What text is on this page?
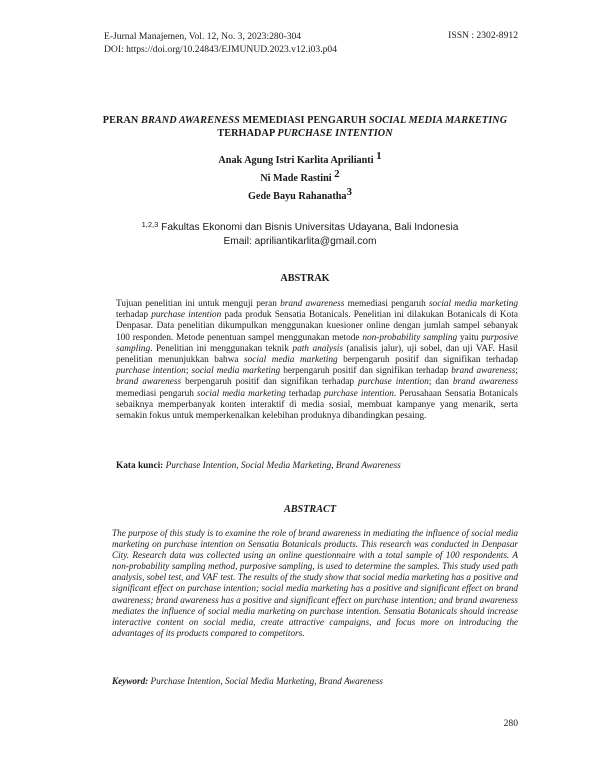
E-Jurnal Manajemen, Vol. 12, No. 3, 2023:280-304
DOI: https://doi.org/10.24843/EJMUNUD.2023.v12.i03.p04
ISSN : 2302-8912
PERAN BRAND AWARENESS MEMEDIASI PENGARUH SOCIAL MEDIA MARKETING TERHADAP PURCHASE INTENTION
Anak Agung Istri Karlita Aprilianti $^1$
Ni Made Rastini $^2$
Gede Bayu Rahanatha$^3$
$^{1,2,3}$ Fakultas Ekonomi dan Bisnis Universitas Udayana, Bali Indonesia
Email: apriliantikarlita@gmail.com
ABSTRAK
Tujuan penelitian ini untuk menguji peran brand awareness memediasi pengaruh social media marketing terhadap purchase intention pada produk Sensatia Botanicals. Penelitian ini dilakukan Botanicals di Kota Denpasar. Data penelitian dikumpulkan menggunakan kuesioner online dengan jumlah sampel sebanyak 100 responden. Metode penentuan sampel menggunakan metode non-probability sampling yaitu purposive sampling. Penelitian ini menggunakan teknik path analysis (analisis jalur), uji sobel, dan uji VAF. Hasil penelitian menunjukkan bahwa social media marketing berpengaruh positif dan signifikan terhadap purchase intention; social media marketing berpengaruh positif dan signifikan terhadap brand awareness; brand awareness berpengaruh positif dan signifikan terhadap purchase intention; dan brand awareness memediasi pengaruh social media marketing terhadap purchase intention. Perusahaan Sensatia Botanicals sebaiknya memperbanyak konten interaktif di media sosial, membuat kampanye yang menarik, serta semakin fokus untuk memperkenalkan kelebihan produknya dibandingkan pesaing.
Kata kunci: Purchase Intention, Social Media Marketing, Brand Awareness
ABSTRACT
The purpose of this study is to examine the role of brand awareness in mediating the influence of social media marketing on purchase intention on Sensatia Botanicals products. This research was conducted in Denpasar City. Research data was collected using an online questionnaire with a total sample of 100 respondents. A non-probability sampling method, purposive sampling, is used to determine the samples. This study used path analysis, sobel test, and VAF test. The results of the study show that social media marketing has a positive and significant effect on purchase intention; social media marketing has a positive and significant effect on brand awareness; brand awareness has a positive and significant effect on purchase intention; and brand awareness mediates the influence of social media marketing on purchase intention. Sensatia Botanicals should increase interactive content on social media, create attractive campaigns, and focus more on introducing the advantages of its products compared to competitors.
Keyword: Purchase Intention, Social Media Marketing, Brand Awareness
280
